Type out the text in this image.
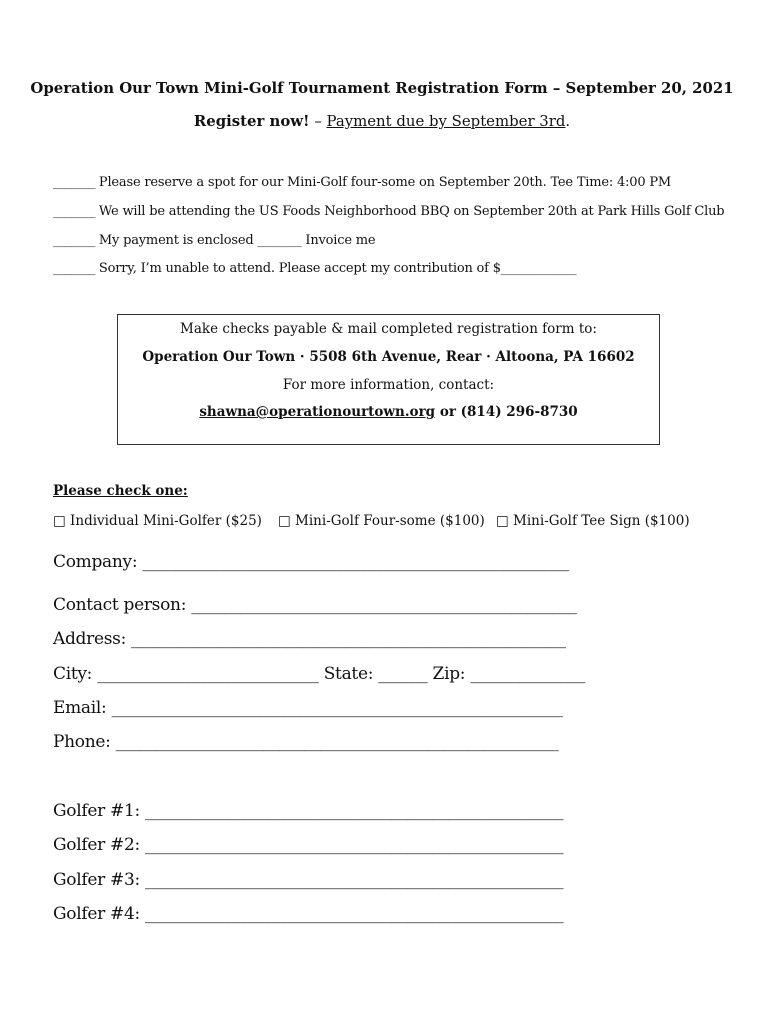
Operation Our Town Mini-Golf Tournament Registration Form – September 20, 2021
Register now! – Payment due by September 3rd.
_______ Please reserve a spot for our Mini-Golf four-some on September 20th. Tee Time: 4:00 PM
_______ We will be attending the US Foods Neighborhood BBQ on September 20th at Park Hills Golf Club
_______ My payment is enclosed _______ Invoice me
_______ Sorry, I’m unable to attend. Please accept my contribution of $____________
Make checks payable & mail completed registration form to:
Operation Our Town · 5508 6th Avenue, Rear · Altoona, PA 16602
For more information, contact:
shawna@operationourtown.org or (814) 296-8730
Please check one:
□ Individual Mini-Golfer ($25) □ Mini-Golf Four-some ($100) □ Mini-Golf Tee Sign ($100)
Company: ____________________________________________________
Contact person: _______________________________________________
Address: _____________________________________________________
City: ___________________________ State: ______ Zip: ______________
Email: _______________________________________________________
Phone: ______________________________________________________
Golfer #1: ___________________________________________________
Golfer #2: ___________________________________________________
Golfer #3: ___________________________________________________
Golfer #4: ___________________________________________________
